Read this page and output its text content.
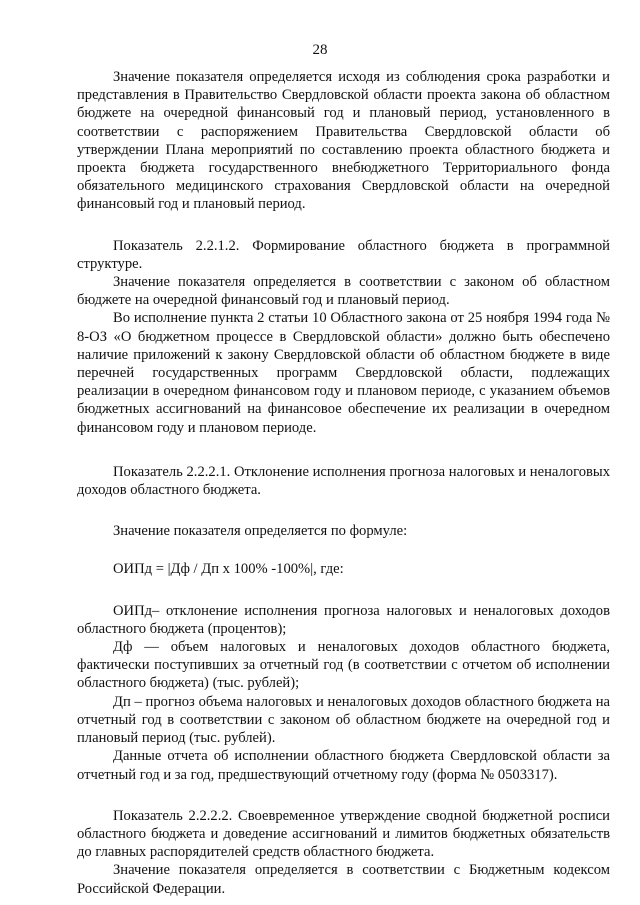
28

Значение показателя определяется исходя из соблюдения срока разработки и представления в Правительство Свердловской области проекта закона об областном бюджете на очередной финансовый год и плановый период, установленного в соответствии с распоряжением Правительства Свердловской области об утверждении Плана мероприятий по составлению проекта областного бюджета и проекта бюджета государственного внебюджетного Территориального фонда обязательного медицинского страхования Свердловской области на очередной финансовый год и плановый период.

Показатель 2.2.1.2. Формирование областного бюджета в программной структуре.

Значение показателя определяется в соответствии с законом об областном бюджете на очередной финансовый год и плановый период.

Во исполнение пункта 2 статьи 10 Областного закона от 25 ноября 1994 года № 8-ОЗ «О бюджетном процессе в Свердловской области» должно быть обеспечено наличие приложений к закону Свердловской области об областном бюджете в виде перечней государственных программ Свердловской области, подлежащих реализации в очередном финансовом году и плановом периоде, с указанием объемов бюджетных ассигнований на финансовое обеспечение их реализации в очередном финансовом году и плановом периоде.

Показатель 2.2.2.1. Отклонение исполнения прогноза налоговых и неналоговых доходов областного бюджета.

Значение показателя определяется по формуле:

ОИПд = |Дф / Дп х 100% -100%|, где:

ОИПд– отклонение исполнения прогноза налоговых и неналоговых доходов областного бюджета (процентов);

Дф — объем налоговых и неналоговых доходов областного бюджета, фактически поступивших за отчетный год (в соответствии с отчетом об исполнении областного бюджета) (тыс. рублей);

Дп – прогноз объема налоговых и неналоговых доходов областного бюджета на отчетный год в соответствии с законом об областном бюджете на очередной год и плановый период (тыс. рублей).

Данные отчета об исполнении областного бюджета Свердловской области за отчетный год и за год, предшествующий отчетному году (форма № 0503317).

Показатель 2.2.2.2. Своевременное утверждение сводной бюджетной росписи областного бюджета и доведение ассигнований и лимитов бюджетных обязательств до главных распорядителей средств областного бюджета.

Значение показателя определяется в соответствии с Бюджетным кодексом Российской Федерации.
